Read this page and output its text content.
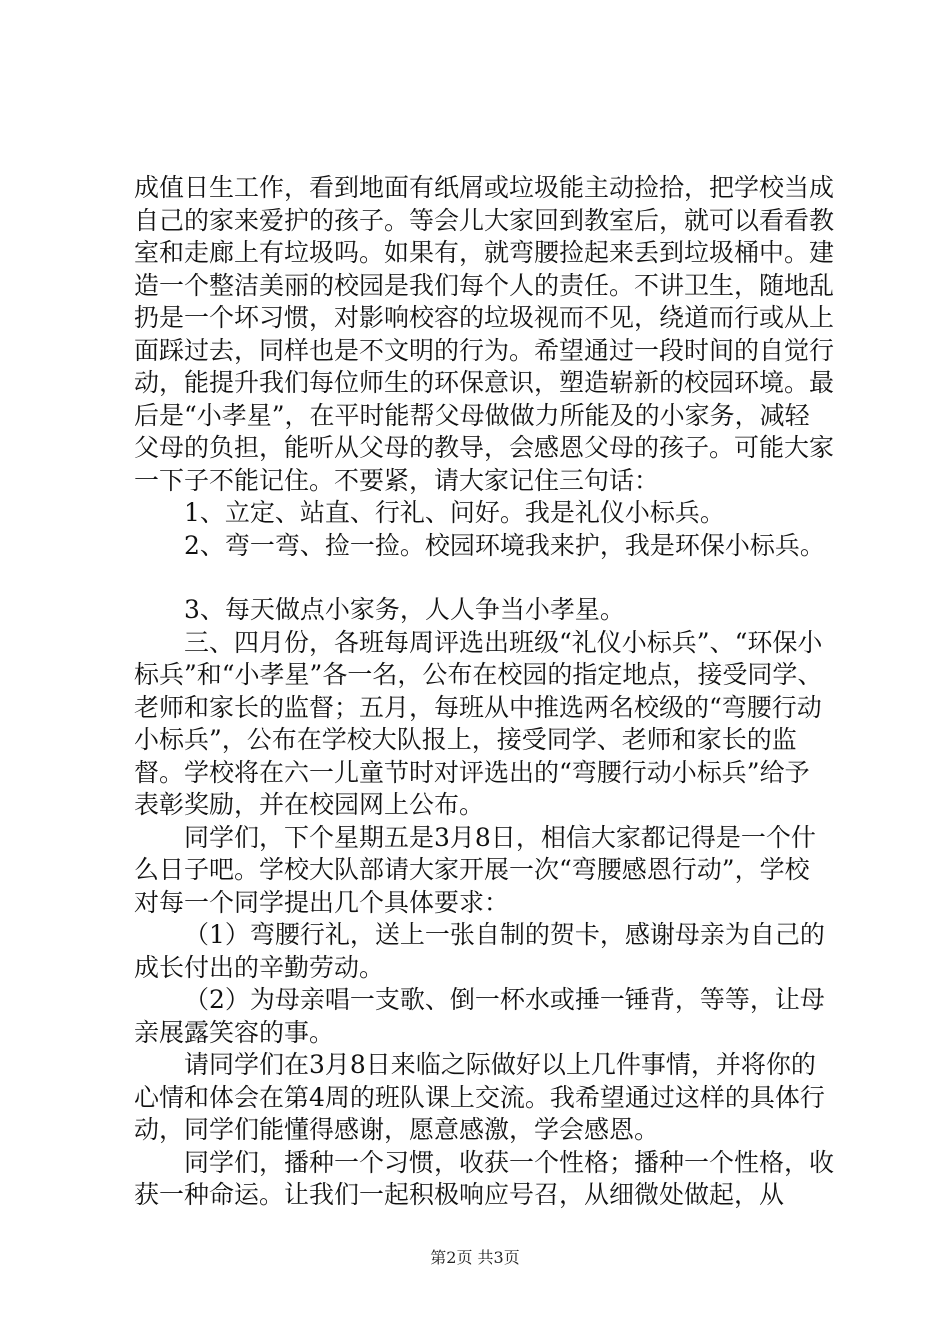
成值日生工作，看到地面有纸屑或垃圾能主动捡拾，把学校当成自己的家来爱护的孩子。等会儿大家回到教室后，就可以看看教室和走廊上有垃圾吗。如果有，就弯腰捡起来丢到垃圾桶中。建造一个整洁美丽的校园是我们每个人的责任。不讲卫生，随地乱扔是一个坏习惯，对影响校容的垃圾视而不见，绕道而行或从上面踩过去，同样也是不文明的行为。希望通过一段时间的自觉行动，能提升我们每位师生的环保意识，塑造崭新的校园环境。最后是“小孝星”，在平时能帮父母做做力所能及的小家务，减轻父母的负担，能听从父母的教导，会感恩父母的孩子。可能大家一下子不能记住。不要紧，请大家记住三句话：

1、立定、站直、行礼、问好。我是礼仪小标兵。

2、弯一弯、捡一捡。校园环境我来护，我是环保小标兵。

3、每天做点小家务，人人争当小孝星。

三、四月份，各班每周评选出班级“礼仪小标兵”、“环保小标兵”和“小孝星”各一名，公布在校园的指定地点，接受同学、老师和家长的监督；五月，每班从中推选两名校级的“弯腰行动小标兵”，公布在学校大队报上，接受同学、老师和家长的监督。学校将在六一儿童节时对评选出的“弯腰行动小标兵”给予表彰奖励，并在校园网上公布。

同学们，下个星期五是3月8日，相信大家都记得是一个什么日子吧。学校大队部请大家开展一次“弯腰感恩行动”，学校对每一个同学提出几个具体要求：

（1）弯腰行礼，送上一张自制的贺卡，感谢母亲为自己的成长付出的辛勤劳动。

（2）为母亲唱一支歌、倒一杯水或捶一锤背，等等，让母亲展露笑容的事。

请同学们在3月8日来临之际做好以上几件事情，并将你的心情和体会在第4周的班队课上交流。我希望通过这样的具体行动，同学们能懂得感谢，愿意感激，学会感恩。

同学们，播种一个习惯，收获一个性格；播种一个性格，收获一种命运。让我们一起积极响应号召，从细微处做起，从

第2页 共3页
